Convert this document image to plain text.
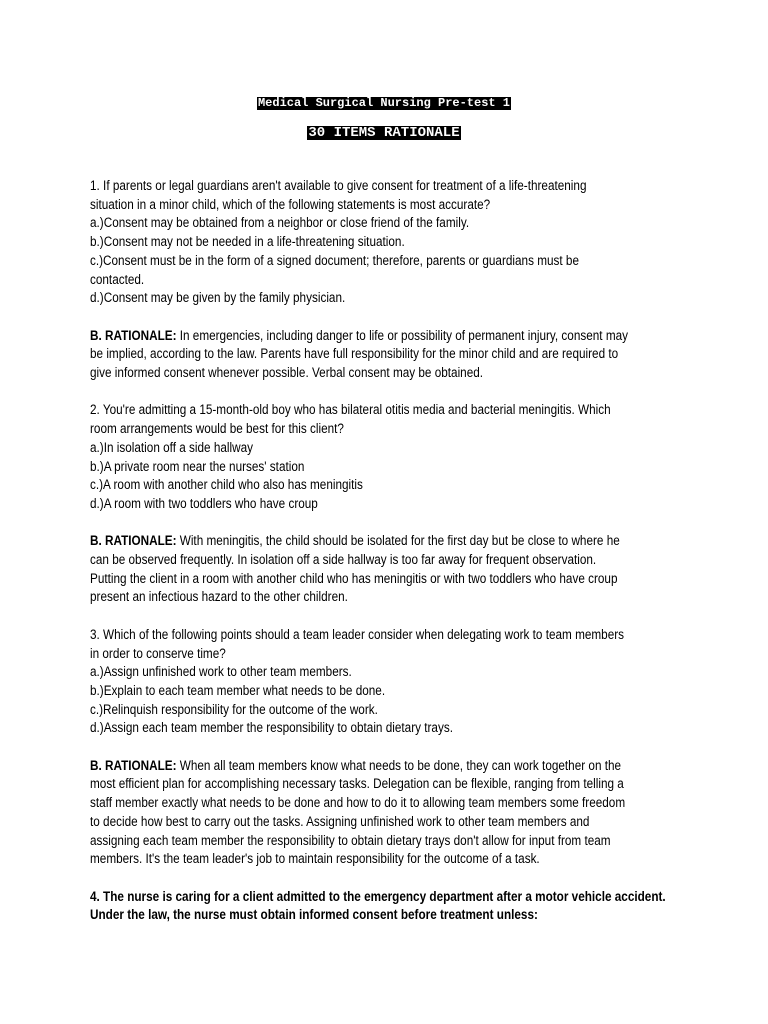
Medical Surgical Nursing Pre-test 1
30 ITEMS RATIONALE
1. If parents or legal guardians aren't available to give consent for treatment of a life-threatening
situation in a minor child, which of the following statements is most accurate?
a.)Consent may be obtained from a neighbor or close friend of the family.
b.)Consent may not be needed in a life-threatening situation.
c.)Consent must be in the form of a signed document; therefore, parents or guardians must be
contacted.
d.)Consent may be given by the family physician.
B. RATIONALE: In emergencies, including danger to life or possibility of permanent injury, consent may
be implied, according to the law. Parents have full responsibility for the minor child and are required to
give informed consent whenever possible. Verbal consent may be obtained.
2. You're admitting a 15-month-old boy who has bilateral otitis media and bacterial meningitis. Which
room arrangements would be best for this client?
a.)In isolation off a side hallway
b.)A private room near the nurses' station
c.)A room with another child who also has meningitis
d.)A room with two toddlers who have croup
B. RATIONALE: With meningitis, the child should be isolated for the first day but be close to where he
can be observed frequently. In isolation off a side hallway is too far away for frequent observation.
Putting the client in a room with another child who has meningitis or with two toddlers who have croup
present an infectious hazard to the other children.
3. Which of the following points should a team leader consider when delegating work to team members
in order to conserve time?
a.)Assign unfinished work to other team members.
b.)Explain to each team member what needs to be done.
c.)Relinquish responsibility for the outcome of the work.
d.)Assign each team member the responsibility to obtain dietary trays.
B. RATIONALE: When all team members know what needs to be done, they can work together on the
most efficient plan for accomplishing necessary tasks. Delegation can be flexible, ranging from telling a
staff member exactly what needs to be done and how to do it to allowing team members some freedom
to decide how best to carry out the tasks. Assigning unfinished work to other team members and
assigning each team member the responsibility to obtain dietary trays don't allow for input from team
members. It's the team leader's job to maintain responsibility for the outcome of a task.
4. The nurse is caring for a client admitted to the emergency department after a motor vehicle accident.
Under the law, the nurse must obtain informed consent before treatment unless:
